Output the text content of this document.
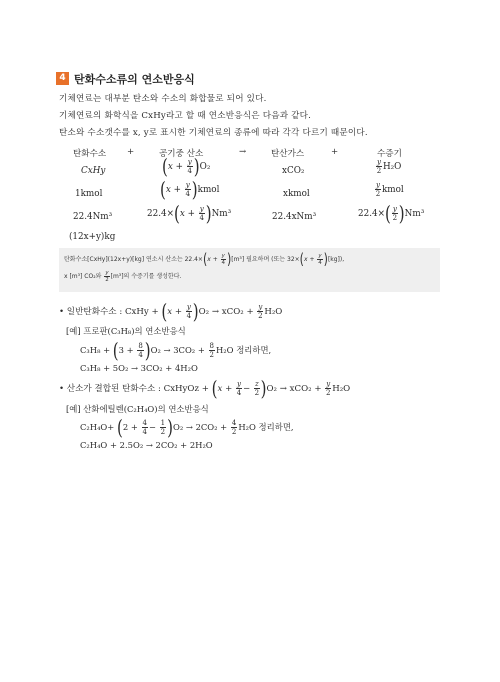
4 탄화수소류의 연소반응식
기체연료는 대부분 탄소와 수소의 화합물로 되어 있다.
기체연료의 화학식을 CxHy라고 할 때 연소반응식은 다음과 같다.
탄소와 수소갯수를 x, y로 표시한 기체연료의 종류에 따라 각각 다르기 때문이다.
탄화수소 +	공기중 산소	→	탄산가스	+	수증기
CxHy	$(x + \frac{y}{4} )O_2$	xCO₂	$\frac{y}{2} H_2O$
1kmol	($x + \frac{y}{4}$ )kmol	xkmol	$\frac{y}{2}$ kmol
22.4Nm³	$22.4\times(x + \frac{y}{4} )Nm^3$	22.4xNm³	$22.4\times( \frac{y}{2} )Nm^3$
(12x+y)kg
탄화수소[CxHy](12x+y)[kg] 연소시 산소는 $22.4\times(x + \frac{y}{4} )[m^3]$ 필요하며 (또는 $32\times(x + \frac{y}{4} )[kg]$),
x [m³] CO₂와 $\frac{y}{2} [m^3]$의 수증기를 생성한다.
• 일반탄화수소 : CxHy + $(x + \frac{y}{4} )O_2 \to xCO_2 + \frac{y}{2} H_2O$
[예] 프로판(C₃H₈)의 연소반응식
$C_3H_8 + (3 + \frac{8}{4} )O_2 \to 3CO_2 + \frac{8}{2} H_2O$ 정리하면,
C₃H₈ + 5O₂ → 3CO₂ + 4H₂O
• 산소가 결합된 탄화수소 : CxHyOz + $(x + \frac{y}{4} - \frac{z}{2} )O_2 \to xCO_2 + \frac{y}{2} H_2O$
[예] 산화에틸렌(C₂H₄O)의 연소반응식
$C_2H_4O+ (2 + \frac{4}{4} - \frac{1}{2} )O_2 \to 2CO_2 + \frac{4}{2} H_2O$ 정리하면,
C₂H₄O + 2.5O₂ → 2CO₂ + 2H₂O
